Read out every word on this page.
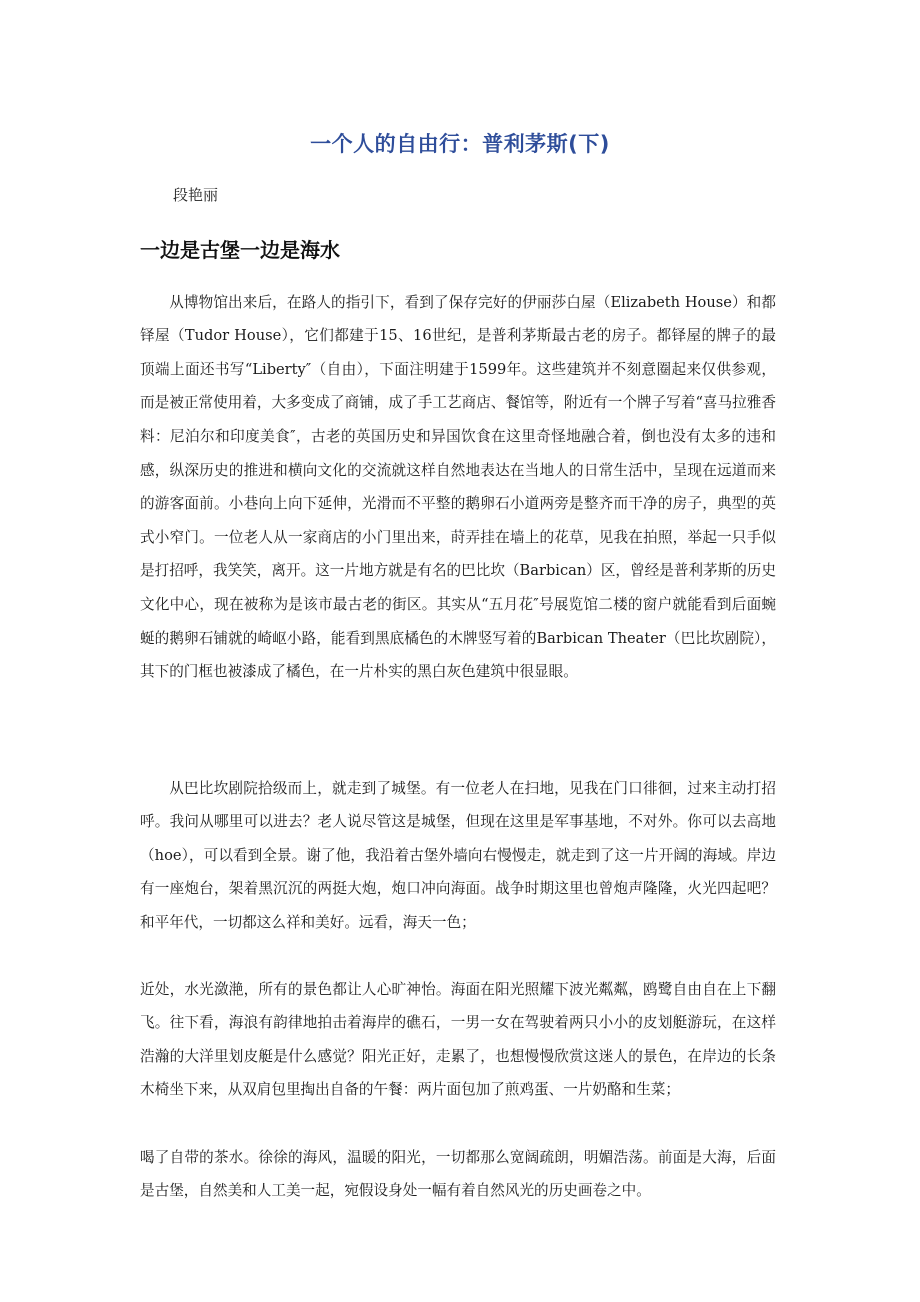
一个人的自由行：普利茅斯(下)
段艳丽
一边是古堡一边是海水

从博物馆出来后，在路人的指引下，看到了保存完好的伊丽莎白屋（Elizabeth House）和都铎屋（Tudor House），它们都建于15、16世纪，是普利茅斯最古老的房子。都铎屋的牌子的最顶端上面还书写“Liberty″（自由），下面注明建于1599年。这些建筑并不刻意圈起来仅供参观，而是被正常使用着，大多变成了商铺，成了手工艺商店、餐馆等，附近有一个牌子写着“喜马拉雅香料：尼泊尔和印度美食″，古老的英国历史和异国饮食在这里奇怪地融合着，倒也没有太多的违和感，纵深历史的推进和横向文化的交流就这样自然地表达在当地人的日常生活中，呈现在远道而来的游客面前。小巷向上向下延伸，光滑而不平整的鹅卵石小道两旁是整齐而干净的房子，典型的英式小窄门。一位老人从一家商店的小门里出来，莳弄挂在墙上的花草，见我在拍照，举起一只手似是打招呼，我笑笑，离开。这一片地方就是有名的巴比坎（Barbican）区，曾经是普利茅斯的历史文化中心，现在被称为是该市最古老的街区。其实从“五月花″号展览馆二楼的窗户就能看到后面蜿蜒的鹅卵石铺就的崎岖小路，能看到黑底橘色的木牌竖写着的Barbican Theater（巴比坎剧院），其下的门框也被漆成了橘色，在一片朴实的黑白灰色建筑中很显眼。

从巴比坎剧院拾级而上，就走到了城堡。有一位老人在扫地，见我在门口徘徊，过来主动打招呼。我问从哪里可以进去？老人说尽管这是城堡，但现在这里是军事基地，不对外。你可以去高地（hoe），可以看到全景。谢了他，我沿着古堡外墙向右慢慢走，就走到了这一片开阔的海域。岸边有一座炮台，架着黑沉沉的两挺大炮，炮口冲向海面。战争时期这里也曾炮声隆隆，火光四起吧？和平年代，一切都这么祥和美好。远看，海天一色；

近处，水光潋滟，所有的景色都让人心旷神怡。海面在阳光照耀下波光粼粼，鸥鹭自由自在上下翻飞。往下看，海浪有韵律地拍击着海岸的礁石，一男一女在驾驶着两只小小的皮划艇游玩，在这样浩瀚的大洋里划皮艇是什么感觉？阳光正好，走累了，也想慢慢欣赏这迷人的景色，在岸边的长条木椅坐下来，从双肩包里掏出自备的午餐：两片面包加了煎鸡蛋、一片奶酪和生菜；

喝了自带的茶水。徐徐的海风，温暖的阳光，一切都那么宽阔疏朗，明媚浩荡。前面是大海，后面是古堡，自然美和人工美一起，宛假设身处一幅有着自然风光的历史画卷之中。
